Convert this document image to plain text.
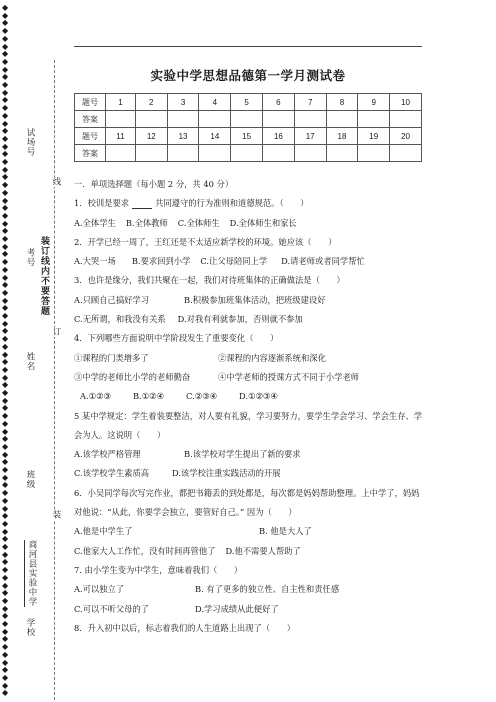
◆
◆
◆
◆
◆
◆
◆
◆
◆
◆
◆
◆
◆
◆
◆
◆
◆
◆
◆
◆
◆
◆
◆
◆
◆
◆
◆
◆
◆
◆
◆
◆
◆
◆
◆
◆
◆
◆
◆
◆
◆
◆
◆
◆
◆
◆
◆
◆
◆
◆
◆
◆
◆
◆
◆
◆
◆
◆
◆
◆
◆
◆
◆
◆
◆
◆
◆
◆
◆
◆
◆
◆
◆
◆
◆
◆
◆
◆
◆
◆
◆
◆
◆
◆
◆
◆
◆
◆
◆
◆
试场号
考号 装订线内不要答题
姓名
班级
商河县实验中学
学校
线
订
装
实验中学思想品德第一学月测试卷
题号	1	2	3	4	5	6	7	8	9	10
答案										
题号	11	12	13	14	15	16	17	18	19	20
答案										
一．单项选择题（每小题 2 分，共 40 分）
1．校训是要求	共同遵守的行为准则和道德规范。（　　）
A.全体学生 B.全体教师 C.全体师生 D.全体师生和家长
2．开学已经一周了，王红还是不太适应新学校的环境。她应该（　　）
A.大哭一场 B.要求回到小学 C.让父母陪同上学 D.请老师或者同学帮忙
3．也许是缘分，我们共聚在一起，我们对待班集体的正确做法是（　　）
A.只顾自己搞好学习	B.积极参加班集体活动，把班级建设好
C.无所谓，和我没有关系 D.对我有利就参加，否则就不参加
4．下列哪些方面说明中学阶段发生了重要变化（　　）
①课程的门类增多了	②课程的内容逐渐系统和深化
③中学的老师比小学的老师勤奋	④中学老师的授课方式不同于小学老师
A.①②③	B.①②④	C.②③④	D.①②③④
5 某中学规定：学生着装要整洁，对人要有礼貌，学习要努力，要学生学会学习、学会生存、学会为人。这说明（　　）
A.该学校严格管理	B.该学校对学生提出了新的要求
C.该学校学生素质高	D.该学校注重实践活动的开展
6．小吴同学每次写完作业，都把书籍丢的到处都是，每次都是妈妈帮助整理。上中学了，妈妈对他说：“从此，你要学会独立，要管好自己。” 因为（　　）
A.他是中学生了	B. 他是大人了
C.他家大人工作忙，没有时间再管他了 D.他不需要人帮助了
7. 由小学生变为中学生，意味着我们（　　）
A.可以独立了	B. 有了更多的独立性、自主性和责任感
C.可以不听父母的了	D.学习成绩从此便好了
8．升入初中以后，标志着我们的人生道路上出现了（　　）
